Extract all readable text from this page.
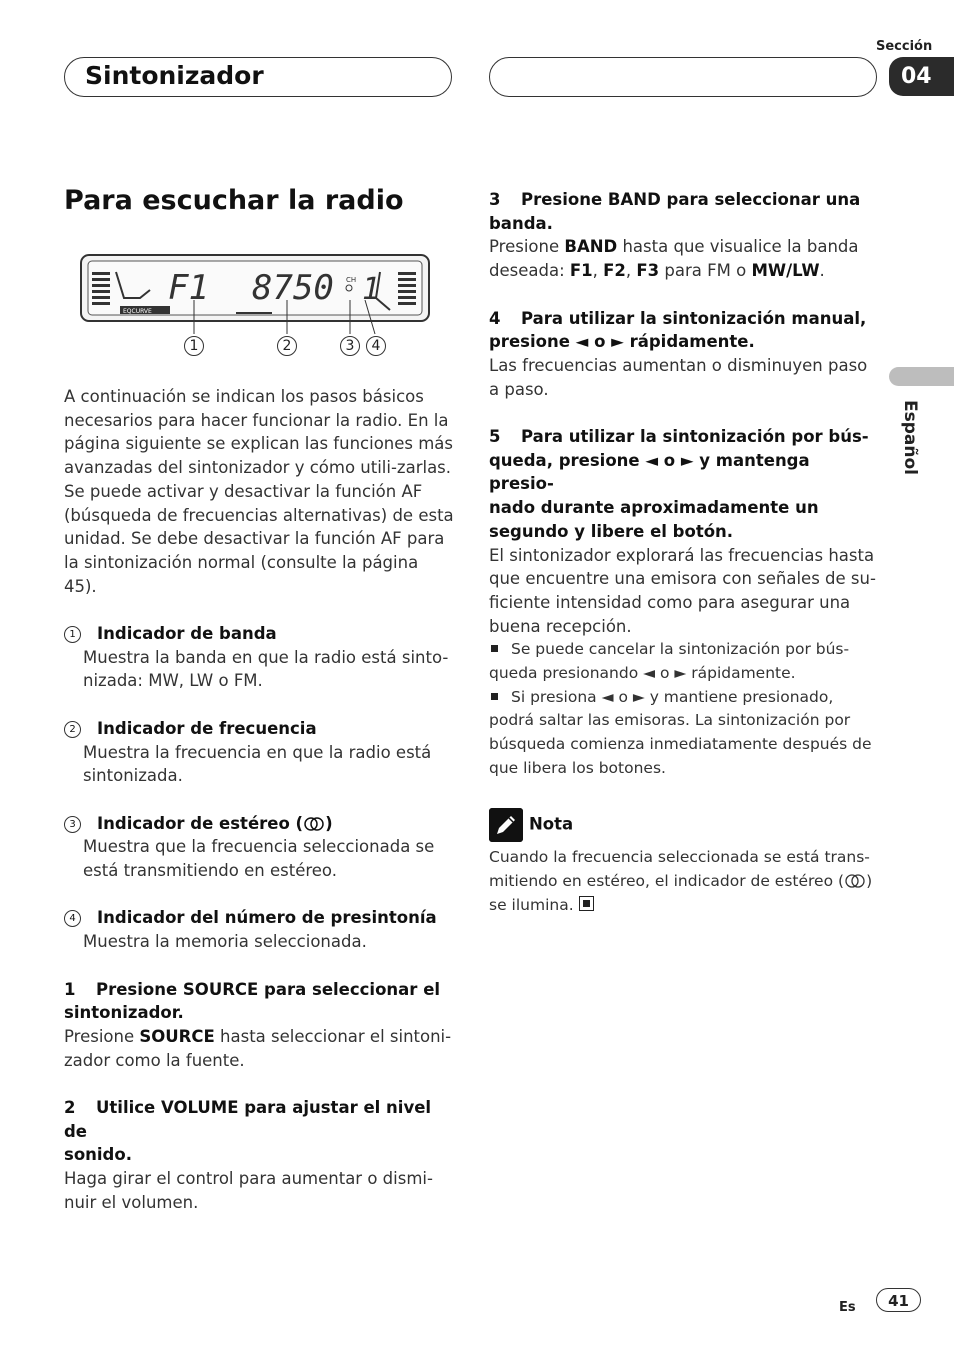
Sintonizador
Sección
04
Español
Para escuchar la radio
EQCURVE
F1 8750 CH 1
1	2	3	4

A continuación se indican los pasos básicos necesarios para hacer funcionar la radio. En la página siguiente se explican las funciones más avanzadas del sintonizador y cómo utili-zarlas.

Se puede activar y desactivar la función AF (búsqueda de frecuencias alternativas) de esta unidad. Se debe desactivar la función AF para la sintonización normal (consulte la página 45).

1 Indicador de banda

Muestra la banda en que la radio está sinto-nizada: MW, LW o FM.

2 Indicador de frecuencia

Muestra la frecuencia en que la radio está sintonizada.

3 Indicador de estéreo ( )

Muestra que la frecuencia seleccionada se está transmitiendo en estéreo.

4 Indicador del número de presintonía

Muestra la memoria seleccionada.

1 Presione SOURCE para seleccionar el

sintonizador.

Presione SOURCE hasta seleccionar el sintoni-zador como la fuente.

2 Utilice VOLUME para ajustar el nivel de

sonido.

Haga girar el control para aumentar o dismi-nuir el volumen.

3 Presione BAND para seleccionar una

banda.

Presione BAND hasta que visualice la banda deseada: F1, F2, F3 para FM o MW/LW.

4 Para utilizar la sintonización manual,

presione ◄ o ► rápidamente.

Las frecuencias aumentan o disminuyen paso a paso.

5 Para utilizar la sintonización por bús-

queda, presione ◄ o ► y mantenga presio-

nado durante aproximadamente un

segundo y libere el botón.

El sintonizador explorará las frecuencias hasta que encuentre una emisora con señales de su-ficiente intensidad como para asegurar una buena recepción.

Se puede cancelar la sintonización por bús-queda presionando ◄ o ► rápidamente.

Si presiona ◄ o ► y mantiene presionado, podrá saltar las emisoras. La sintonización por búsqueda comienza inmediatamente después de que libera los botones.

Nota

Cuando la frecuencia seleccionada se está trans-mitiendo en estéreo, el indicador de estéreo ( ) se ilumina.

Es	41
